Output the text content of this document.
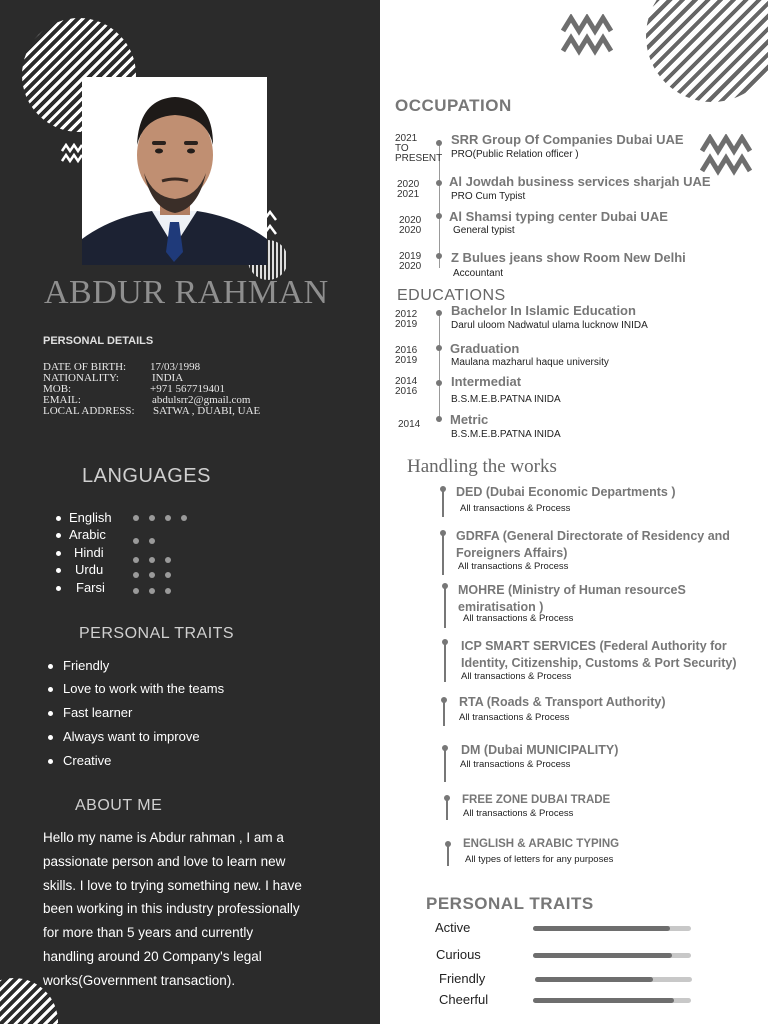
ABDUR RAHMAN
PERSONAL DETAILS
DATE OF BIRTH: 17/03/1998
NATIONALITY:	INDIA
MOB:	+971 567719401
EMAIL:	abdulsrr2@gmail.com
LOCAL ADDRESS: SATWA , DUABI, UAE
LANGUAGES
English
Arabic
Hindi
Urdu
Farsi
PERSONAL TRAITS
Friendly
Love to work with the teams
Fast learner
Always want to improve
Creative
ABOUT ME
Hello my name is Abdur rahman , I am a
passionate person and love to learn new
skills. I love to trying something new. I have
been working in this industry professionally
for more than 5 years and currently
handling around 20 Company's legal
works(Government transaction).
OCCUPATION
2021
TO
PRESENT
SRR Group Of Companies Dubai UAE
PRO(Public Relation officer )
2020
2021
Al Jowdah business services sharjah UAE
PRO Cum Typist
2020
2020
Al Shamsi typing center Dubai UAE
General typist
2019
2020
Z Bulues jeans show Room New Delhi
Accountant
EDUCATIONS
2012
2019
Bachelor In Islamic Education
Darul uloom Nadwatul ulama lucknow INIDA
2016
2019
Graduation
Maulana mazharul haque university
2014
2016
Intermediat
B.S.M.E.B.PATNA INIDA
2014 Metric
B.S.M.E.B.PATNA INIDA
Handling the works
DED (Dubai Economic Departments )
All transactions & Process
GDRFA (General Directorate of Residency and Foreigners Affairs)
All transactions & Process
MOHRE (Ministry of Human resourceS emiratisation )
All transactions & Process
ICP SMART SERVICES (Federal Authority for Identity, Citizenship, Customs & Port Security)
All transactions & Process
RTA (Roads & Transport Authority)
All transactions & Process
DM (Dubai MUNICIPALITY)
All transactions & Process
FREE ZONE DUBAI TRADE
All transactions & Process
ENGLISH & ARABIC TYPING
All types of letters for any purposes
PERSONAL TRAITS
Active
Curious
Friendly
Cheerful
